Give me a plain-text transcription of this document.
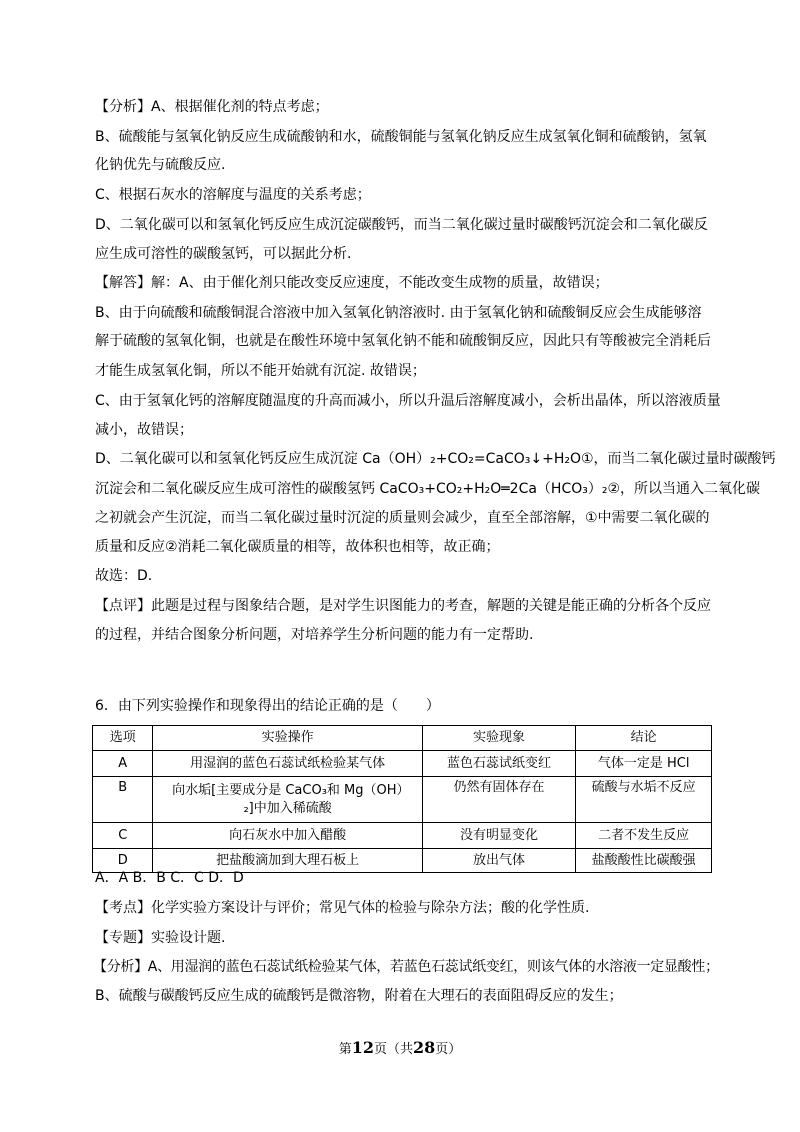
【分析】A、根据催化剂的特点考虑；
B、硫酸能与氢氧化钠反应生成硫酸钠和水，硫酸铜能与氢氧化钠反应生成氢氧化铜和硫酸钠，氢氧
化钠优先与硫酸反应.
C、根据石灰水的溶解度与温度的关系考虑；
D、二氧化碳可以和氢氧化钙反应生成沉淀碳酸钙，而当二氧化碳过量时碳酸钙沉淀会和二氧化碳反
应生成可溶性的碳酸氢钙，可以据此分析.
【解答】解：A、由于催化剂只能改变反应速度，不能改变生成物的质量，故错误；
B、由于向硫酸和硫酸铜混合溶液中加入氢氧化钠溶液时. 由于氢氧化钠和硫酸铜反应会生成能够溶
解于硫酸的氢氧化铜，也就是在酸性环境中氢氧化钠不能和硫酸铜反应，因此只有等酸被完全消耗后
才能生成氢氧化铜，所以不能开始就有沉淀. 故错误；
C、由于氢氧化钙的溶解度随温度的升高而减小，所以升温后溶解度减小，会析出晶体，所以溶液质量
减小，故错误；
D、二氧化碳可以和氢氧化钙反应生成沉淀 Ca（OH）₂+CO₂=CaCO₃↓+H₂O①，而当二氧化碳过量时碳酸钙
沉淀会和二氧化碳反应生成可溶性的碳酸氢钙 CaCO₃+CO₂+H₂O═2Ca（HCO₃）₂②，所以当通入二氧化碳
之初就会产生沉淀，而当二氧化碳过量时沉淀的质量则会减少，直至全部溶解，①中需要二氧化碳的
质量和反应②消耗二氧化碳质量的相等，故体积也相等，故正确；
故选：D.
【点评】此题是过程与图象结合题，是对学生识图能力的考查，解题的关键是能正确的分析各个反应
的过程，并结合图象分析问题，对培养学生分析问题的能力有一定帮助.
6．由下列实验操作和现象得出的结论正确的是（　　）
选项	实验操作	实验现象	结论
A	用湿润的蓝色石蕊试纸检验某气体	蓝色石蕊试纸变红	气体一定是 HCl
B	向水垢[主要成分是 CaCO₃和 Mg（OH）₂]中加入稀硫酸	仍然有固体存在	硫酸与水垢不反应
C	向石灰水中加入醋酸	没有明显变化	二者不发生反应
D	把盐酸滴加到大理石板上	放出气体	盐酸酸性比碳酸强
A．A B．B C．C D．D
【考点】化学实验方案设计与评价；常见气体的检验与除杂方法；酸的化学性质.
【专题】实验设计题.
【分析】A、用湿润的蓝色石蕊试纸检验某气体，若蓝色石蕊试纸变红，则该气体的水溶液一定显酸性；
B、硫酸与碳酸钙反应生成的硫酸钙是微溶物，附着在大理石的表面阻碍反应的发生；
第12页（共28页）
